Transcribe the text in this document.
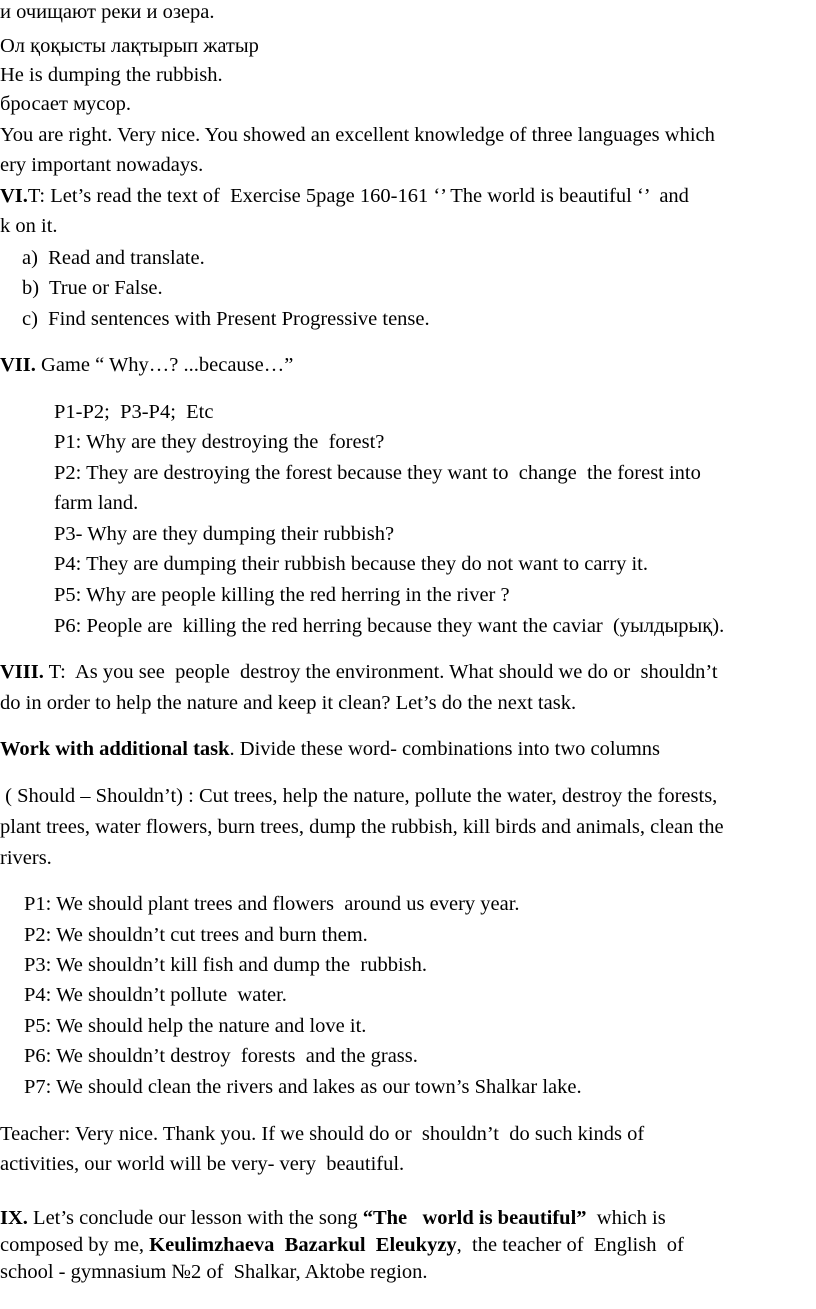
и очищают реки и озера.
Ол қоқысты лақтырып жатыр
He is dumping the rubbish.
бросает мусор.
You are right. Very nice. You showed an excellent knowledge of three languages which
ery important nowadays.
VI.T: Let’s read the text of  Exercise 5page 160-161 ‘’ The world is beautiful ‘’  and
k on it.
a)  Read and translate.
b)  True or False.
c)  Find sentences with Present Progressive tense.
VII. Game “ Why…? ...because…”
P1-P2;  P3-P4;  Etc
P1: Why are they destroying the  forest?
P2: They are destroying the forest because they want to  change  the forest into
farm land.
P3- Why are they dumping their rubbish?
P4: They are dumping their rubbish because they do not want to carry it.
P5: Why are people killing the red herring in the river ?
P6: People are  killing the red herring because they want the caviar  (уылдырық).
VIII. T:  As you see  people  destroy the environment. What should we do or  shouldn’t
do in order to help the nature and keep it clean? Let’s do the next task.
Work with additional task. Divide these word- combinations into two columns
( Should – Shouldn’t) : Cut trees, help the nature, pollute the water, destroy the forests,
plant trees, water flowers, burn trees, dump the rubbish, kill birds and animals, clean the
rivers.
P1: We should plant trees and flowers  around us every year.
P2: We shouldn’t cut trees and burn them.
P3: We shouldn’t kill fish and dump the  rubbish.
P4: We shouldn’t pollute  water.
P5: We should help the nature and love it.
P6: We shouldn’t destroy  forests  and the grass.
P7: We should clean the rivers and lakes as our town’s Shalkar lake.
Teacher: Very nice. Thank you. If we should do or  shouldn’t  do such kinds of
activities, our world will be very- very  beautiful.
IX. Let’s conclude our lesson with the song “The   world is beautiful”  which is
composed by me, Keulimzhaeva  Bazarkul  Eleukyzy,  the teacher of  English  of
school - gymnasium №2 of  Shalkar, Aktobe region.
